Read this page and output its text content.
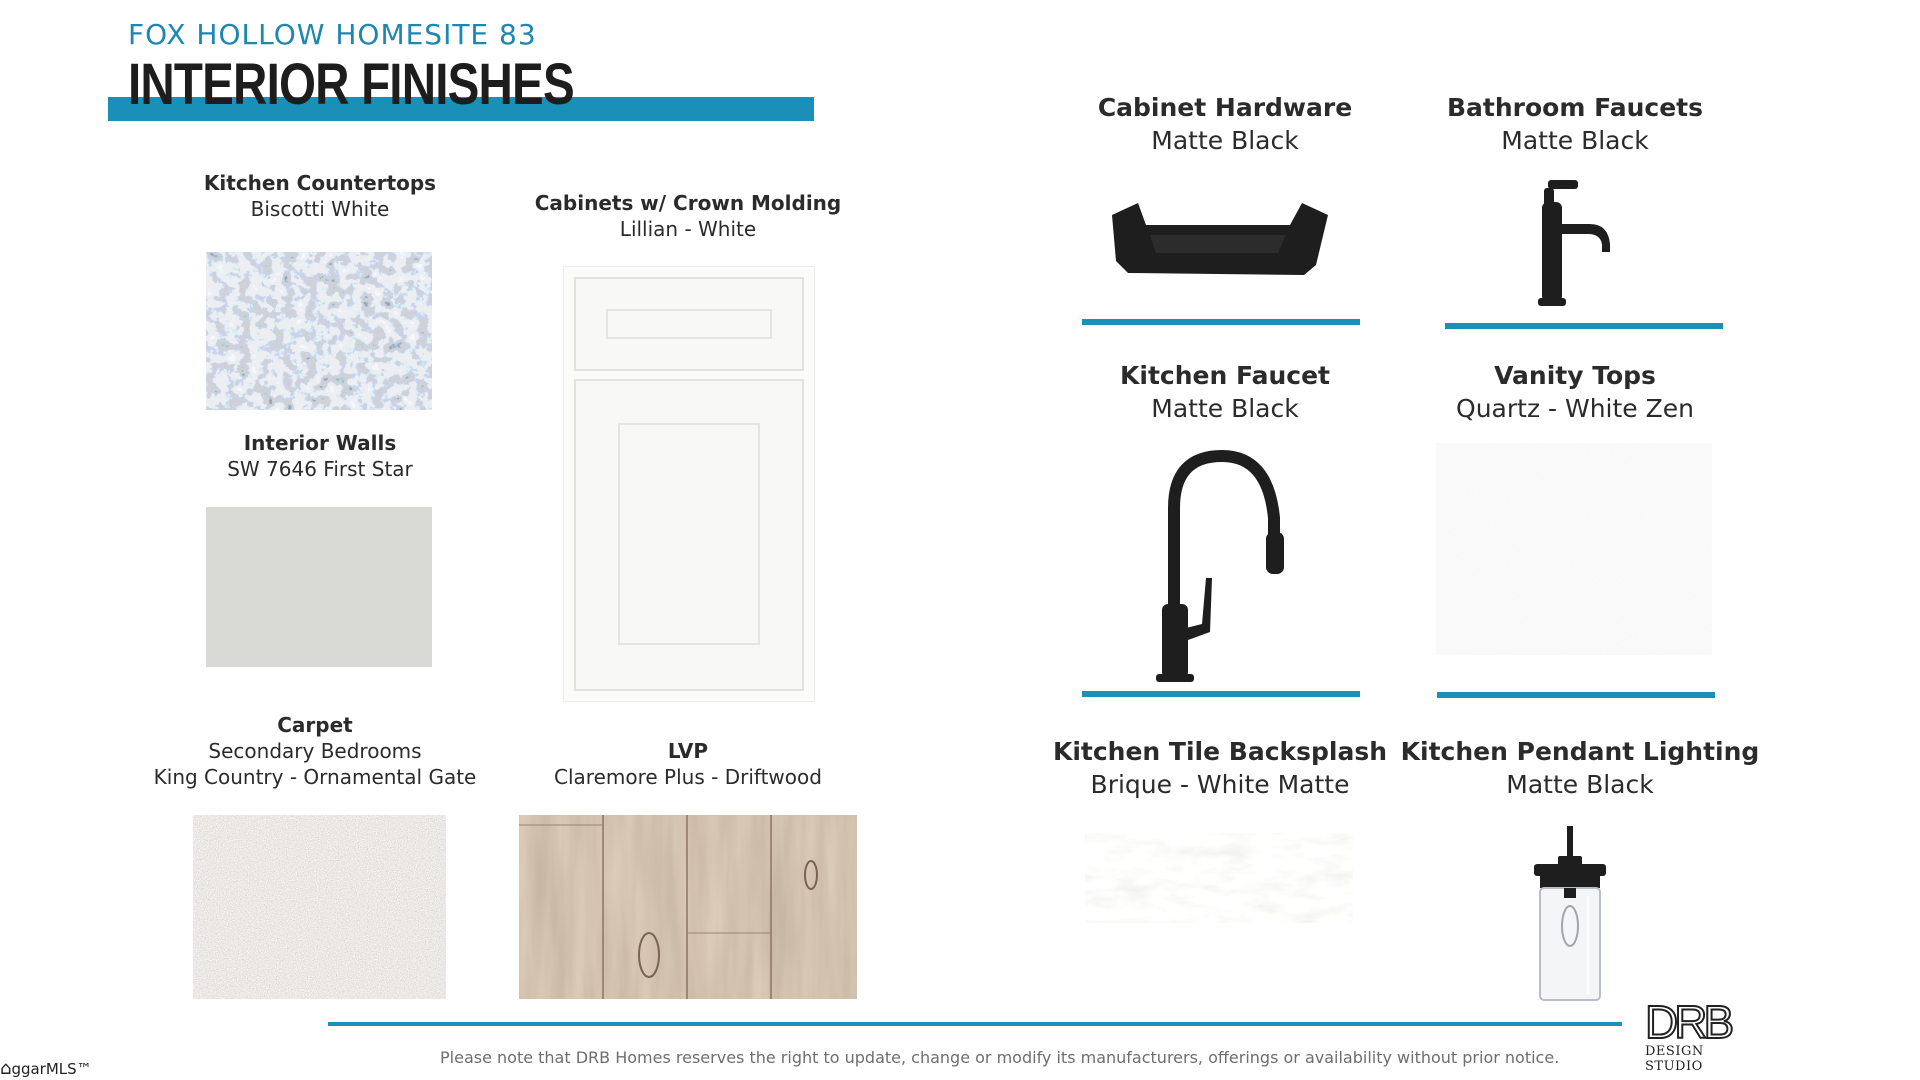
FOX HOLLOW HOMESITE 83
INTERIOR FINISHES
Kitchen Countertops
Biscotti White
Interior Walls
SW 7646 First Star
Carpet
Secondary Bedrooms
King Country - Ornamental Gate
Cabinets w/ Crown Molding
Lillian - White
LVP
Claremore Plus - Driftwood
Cabinet Hardware
Matte Black
Bathroom Faucets
Matte Black
Kitchen Faucet
Matte Black
Vanity Tops
Quartz - White Zen
Kitchen Tile Backsplash
Brique - White Matte
Kitchen Pendant Lighting
Matte Black
Please note that DRB Homes reserves the right to update, change or modify its manufacturers, offerings or availability without prior notice.
DRB
DESIGN STUDIO
⌂ggarMLS™
